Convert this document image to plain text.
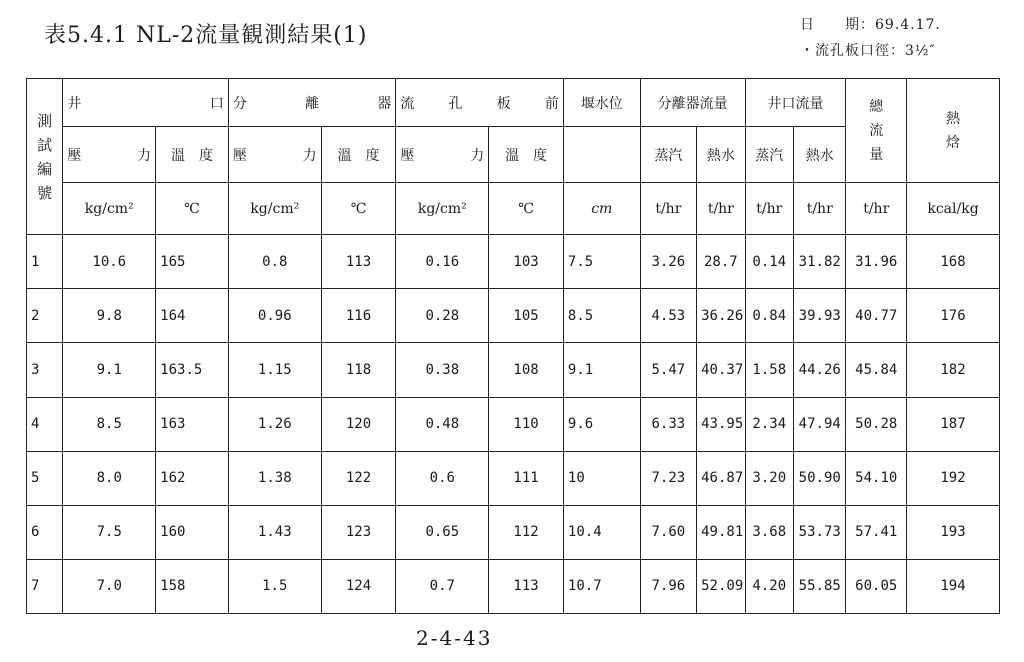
表5.4.1 NL-2流量観測結果(1)	日　　期：69.4.17.
・流孔板口徑：3½″
測試編號	井　　　　口		分　　離　　器		流　孔　板　前		堰水位	分離器流量		井口流量		總流量	熱焓
	壓　　力	溫　度	壓　　力	溫　度	壓　　力	溫　度		蒸汽	熱水	蒸汽	熱水		
	kg/cm²	℃	kg/cm²	℃	kg/cm²	℃	cm	t/hr	t/hr	t/hr	t/hr	t/hr	kcal/kg
1	10.6	165	0.8	113	0.16	103	7.5	3.26	28.7	0.14	31.82	31.96	168
2	9.8	164	0.96	116	0.28	105	8.5	4.53	36.26	0.84	39.93	40.77	176
3	9.1	163.5	1.15	118	0.38	108	9.1	5.47	40.37	1.58	44.26	45.84	182
4	8.5	163	1.26	120	0.48	110	9.6	6.33	43.95	2.34	47.94	50.28	187
5	8.0	162	1.38	122	0.6	111	10	7.23	46.87	3.20	50.90	54.10	192
6	7.5	160	1.43	123	0.65	112	10.4	7.60	49.81	3.68	53.73	57.41	193
7	7.0	158	1.5	124	0.7	113	10.7	7.96	52.09	4.20	55.85	60.05	194
2-4-43
